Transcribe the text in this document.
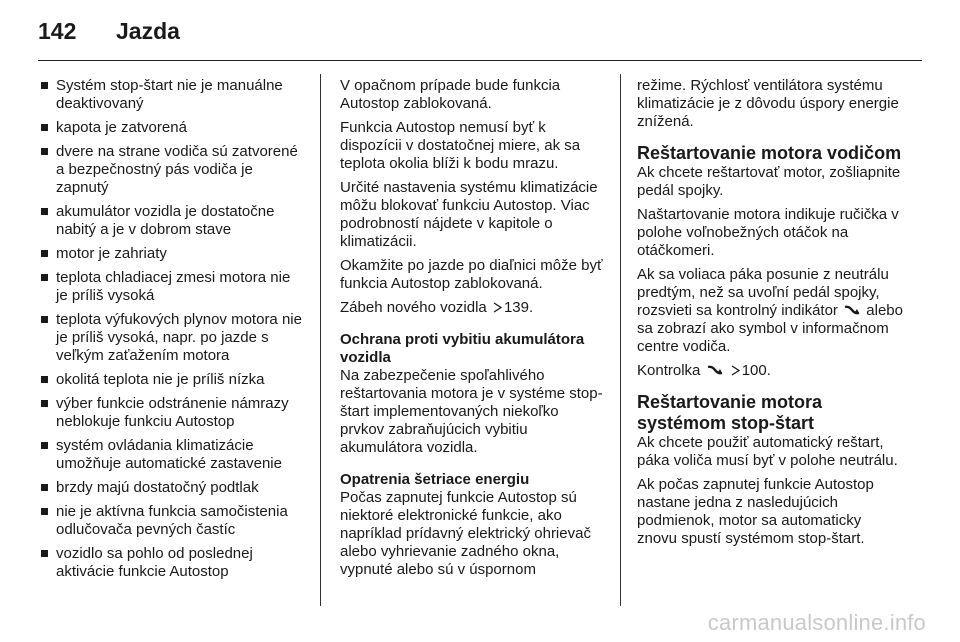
142	Jazda
Systém stop-štart nie je manuálne deaktivovaný
kapota je zatvorená
dvere na strane vodiča sú zatvorené a bezpečnostný pás vodiča je zapnutý
akumulátor vozidla je dostatočne nabitý a je v dobrom stave
motor je zahriaty
teplota chladiacej zmesi motora nie je príliš vysoká
teplota výfukových plynov motora nie je príliš vysoká, napr. po jazde s veľkým zaťažením motora
okolitá teplota nie je príliš nízka
výber funkcie odstránenie námrazy neblokuje funkciu Autostop
systém ovládania klimatizácie umožňuje automatické zastavenie
brzdy majú dostatočný podtlak
nie je aktívna funkcia samočistenia odlučovača pevných častíc
vozidlo sa pohlo od poslednej aktivácie funkcie Autostop

V opačnom prípade bude funkcia Autostop zablokovaná.

Funkcia Autostop nemusí byť k dispozícii v dostatočnej miere, ak sa teplota okolia blíži k bodu mrazu.

Určité nastavenia systému klimatizácie môžu blokovať funkciu Autostop. Viac podrobností nájdete v kapitole o klimatizácii.

Okamžite po jazde po diaľnici môže byť funkcia Autostop zablokovaná.

Zábeh nového vozidla 139.

Ochrana proti vybitiu akumulátora vozidla

Na zabezpečenie spoľahlivého reštartovania motora je v systéme stop-štart implementovaných niekoľko prvkov zabraňujúcich vybitiu akumulátora vozidla.

Opatrenia šetriace energiu

Počas zapnutej funkcie Autostop sú niektoré elektronické funkcie, ako napríklad prídavný elektrický ohrievač alebo vyhrievanie zadného okna, vypnuté alebo sú v úspornom

režime. Rýchlosť ventilátora systému klimatizácie je z dôvodu úspory energie znížená.

Reštartovanie motora vodičom

Ak chcete reštartovať motor, zošliapnite pedál spojky.

Naštartovanie motora indikuje ručička v polohe voľnobežných otáčok na otáčkomeri.

Ak sa voliaca páka posunie z neutrálu predtým, než sa uvoľní pedál spojky, rozsvieti sa kontrolný indikátor alebo sa zobrazí ako symbol v informačnom centre vodiča.

Kontrolka	100.

Reštartovanie motora systémom stop-štart

Ak chcete použiť automatický reštart, páka voliča musí byť v polohe neutrálu.

Ak počas zapnutej funkcie Autostop nastane jedna z nasledujúcich podmienok, motor sa automaticky znovu spustí systémom stop-štart.

carmanualsonline.info
